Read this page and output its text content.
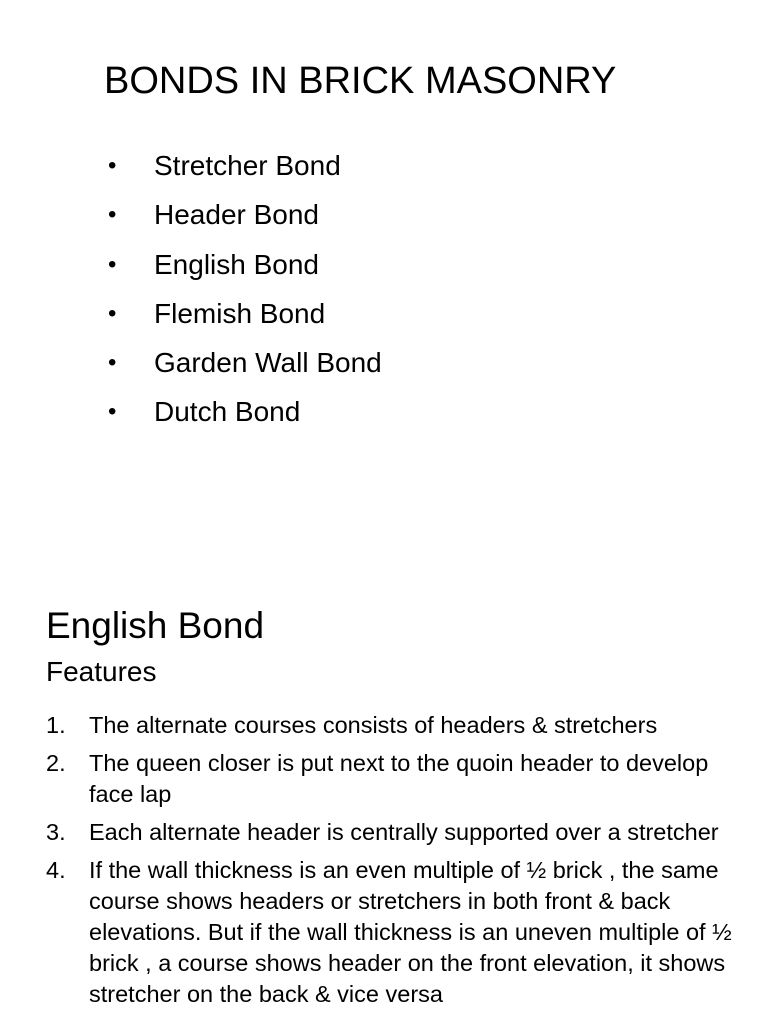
BONDS IN BRICK MASONRY
•	Stretcher Bond
•	Header Bond
•	English Bond
•	Flemish Bond
•	Garden Wall Bond
•	Dutch Bond
English Bond
Features
1. The alternate courses consists of headers & stretchers
2. The queen closer is put next to the quoin header to develop face lap
3. Each alternate header is centrally supported over a stretcher
4. If the wall thickness is an even multiple of ½ brick , the same course shows headers or stretchers in both front & back elevations. But if the wall thickness is an uneven multiple of ½ brick , a course shows header on the front elevation, it shows stretcher on the back & vice versa
